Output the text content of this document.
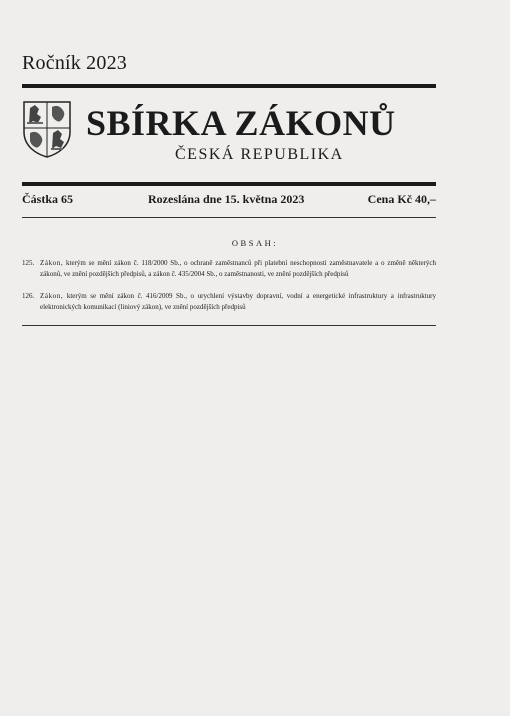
Ročník 2023
SBÍRKA ZÁKONŮ
ČESKÁ REPUBLIKA
Částka 65	Rozeslána dne 15. května 2023	Cena Kč 40,–
OBSAH:
125. Zákon, kterým se mění zákon č. 118/2000 Sb., o ochraně zaměstnanců při platební neschopnosti zaměstnavatele a o změně některých zákonů, ve znění pozdějších předpisů, a zákon č. 435/2004 Sb., o zaměstnanosti, ve znění pozdějších předpisů
126. Zákon, kterým se mění zákon č. 416/2009 Sb., o urychlení výstavby dopravní, vodní a energetické infrastruktury a infrastruktury elektronických komunikací (liniový zákon), ve znění pozdějších předpisů
